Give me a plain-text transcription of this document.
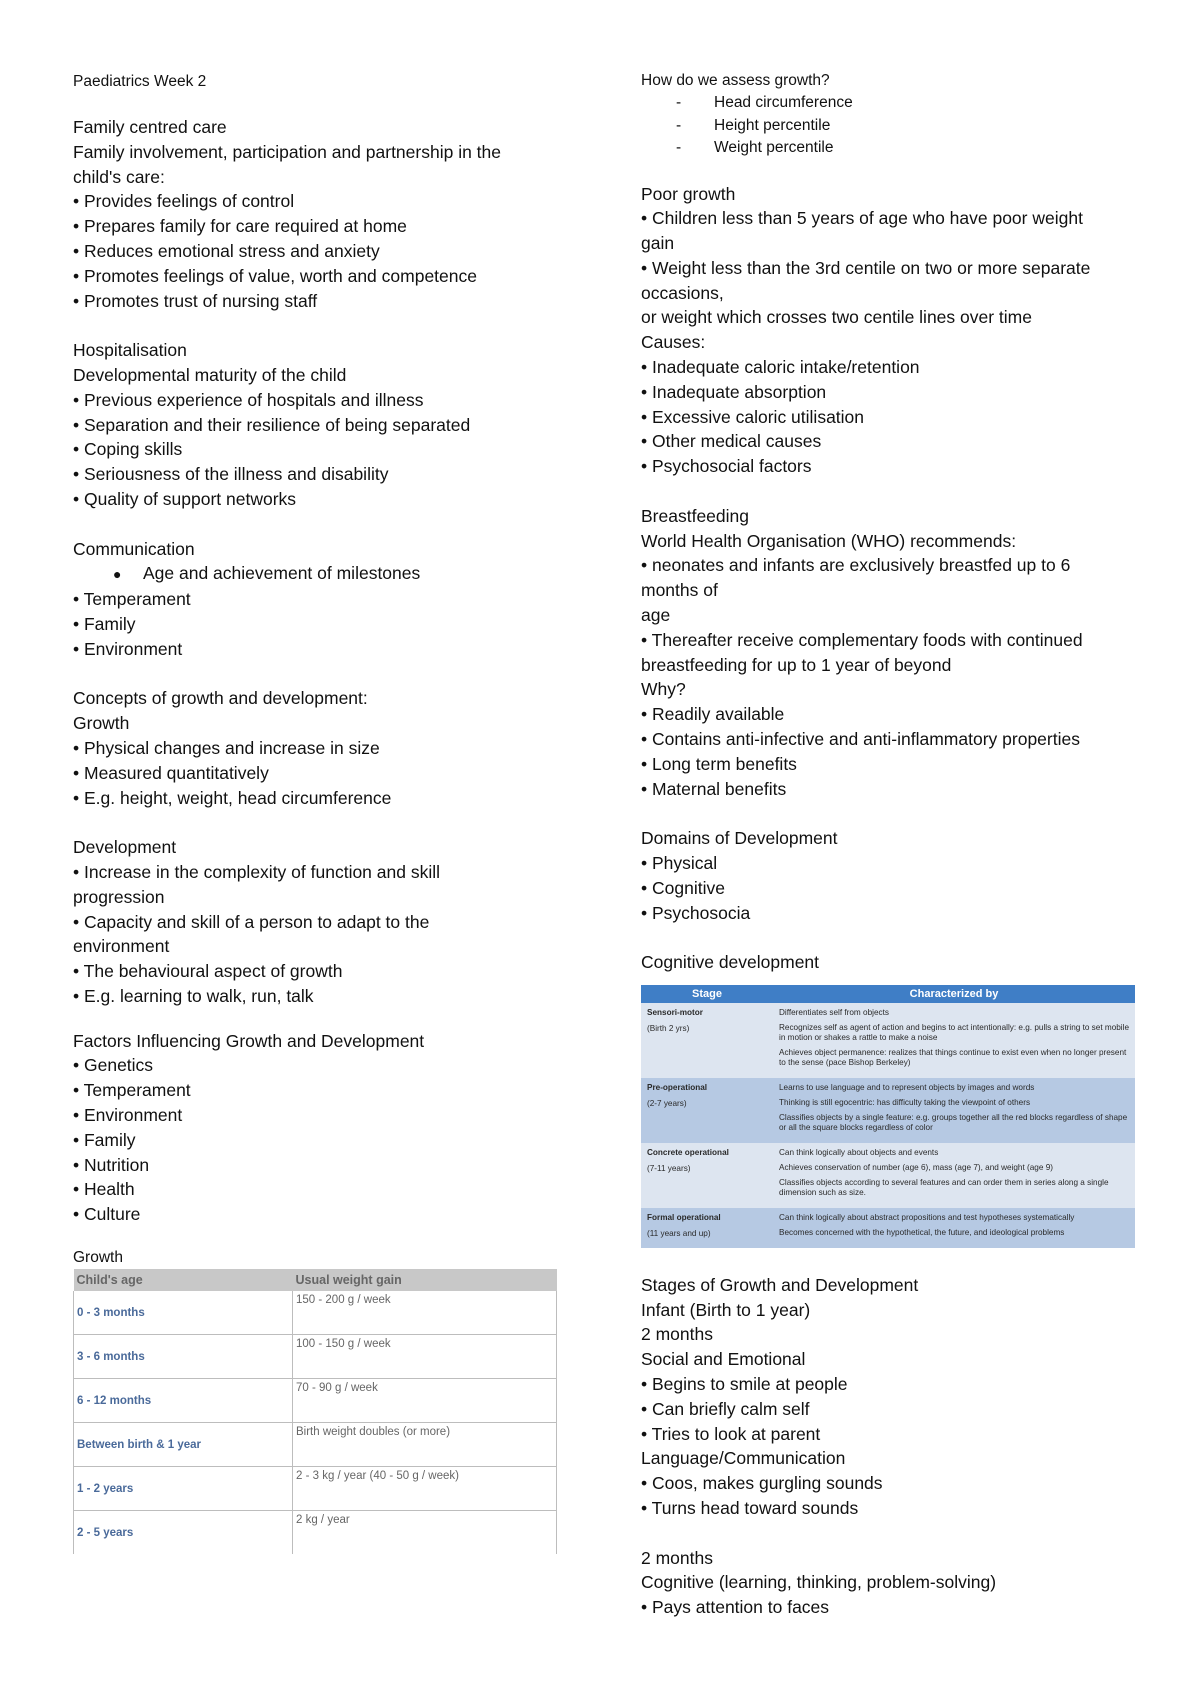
Paediatrics Week 2
Family centred care
Family involvement, participation and partnership in the
child's care:
• Provides feelings of control
• Prepares family for care required at home
• Reduces emotional stress and anxiety
• Promotes feelings of value, worth and competence
• Promotes trust of nursing staff
Hospitalisation
Developmental maturity of the child
• Previous experience of hospitals and illness
• Separation and their resilience of being separated
• Coping skills
• Seriousness of the illness and disability
• Quality of support networks
Communication
● Age and achievement of milestones
• Temperament
• Family
• Environment
Concepts of growth and development:
Growth
• Physical changes and increase in size
• Measured quantitatively
• E.g. height, weight, head circumference
Development
• Increase in the complexity of function and skill
progression
• Capacity and skill of a person to adapt to the
environment
• The behavioural aspect of growth
• E.g. learning to walk, run, talk
Factors Influencing Growth and Development
• Genetics
• Temperament
• Environment
• Family
• Nutrition
• Health
• Culture
Growth
Child's age	Usual weight gain
0 - 3 months	150 - 200 g / week
3 - 6 months	100 - 150 g / week
6 - 12 months	70 - 90 g / week
Between birth & 1 year	Birth weight doubles (or more)
1 - 2 years	2 - 3 kg / year (40 - 50 g / week)
2 - 5 years	2 kg / year
How do we assess growth?
- Head circumference
- Height percentile
- Weight percentile
Poor growth
• Children less than 5 years of age who have poor weight
gain
• Weight less than the 3rd centile on two or more separate
occasions,
or weight which crosses two centile lines over time
Causes:
• Inadequate caloric intake/retention
• Inadequate absorption
• Excessive caloric utilisation
• Other medical causes
• Psychosocial factors
Breastfeeding
World Health Organisation (WHO) recommends:
• neonates and infants are exclusively breastfed up to 6
months of
age
• Thereafter receive complementary foods with continued
breastfeeding for up to 1 year of beyond
Why?
• Readily available
• Contains anti-infective and anti-inflammatory properties
• Long term benefits
• Maternal benefits
Domains of Development
• Physical
• Cognitive
• Psychosocia
Cognitive development
Stage	Characterized by

Sensori-motor
(Birth 2 yrs)	Differentiates self from objects
Recognizes self as agent of action and begins to act intentionally: e.g. pulls a string to set mobile in motion or shakes a rattle to make a noise
Achieves object permanence: realizes that things continue to exist even when no longer present to the sense (pace Bishop Berkeley)

Pre-operational
(2-7 years)	Learns to use language and to represent objects by images and words
Thinking is still egocentric: has difficulty taking the viewpoint of others
Classifies objects by a single feature: e.g. groups together all the red blocks regardless of shape or all the square blocks regardless of color

Concrete operational
(7-11 years)	Can think logically about objects and events
Achieves conservation of number (age 6), mass (age 7), and weight (age 9)
Classifies objects according to several features and can order them in series along a single dimension such as size.

Formal operational
(11 years and up)	Can think logically about abstract propositions and test hypotheses systematically
Becomes concerned with the hypothetical, the future, and ideological problems
Stages of Growth and Development
Infant (Birth to 1 year)
2 months
Social and Emotional
• Begins to smile at people
• Can briefly calm self
• Tries to look at parent
Language/Communication
• Coos, makes gurgling sounds
• Turns head toward sounds
2 months
Cognitive (learning, thinking, problem-solving)
• Pays attention to faces
